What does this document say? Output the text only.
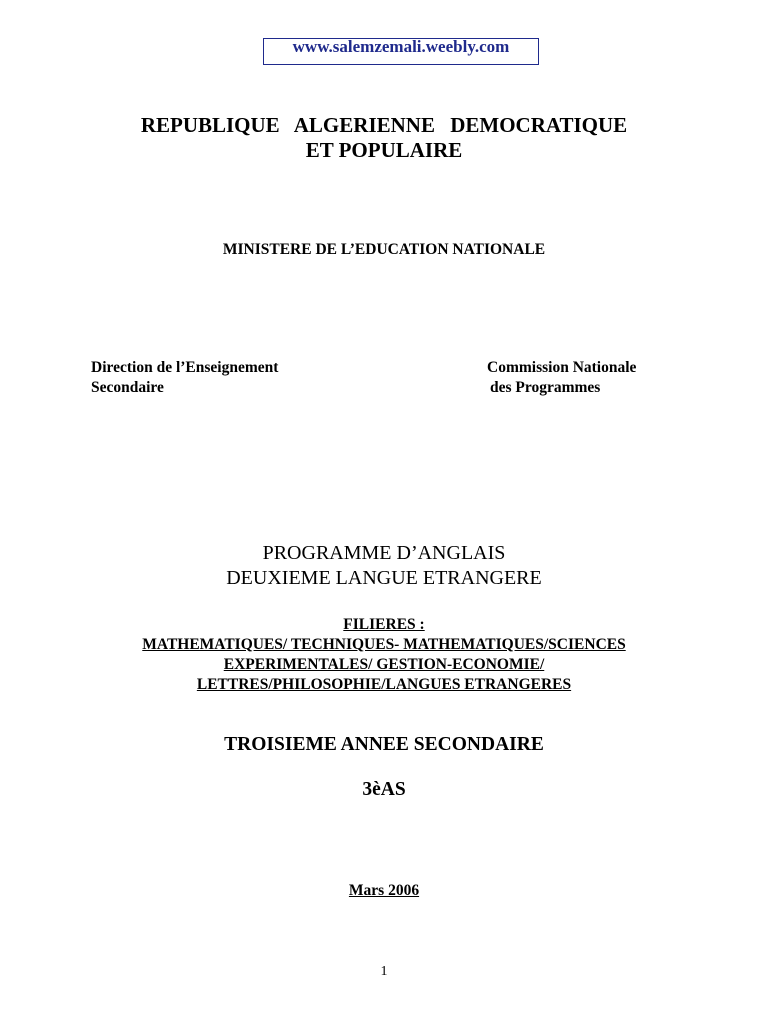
www.salemzemali.weebly.com

REPUBLIQUE ALGERIENNE DEMOCRATIQUE

ET POPULAIRE

MINISTERE DE L’EDUCATION NATIONALE

Direction de l’Enseignement

Secondaire

Commission Nationale

des Programmes

PROGRAMME D’ANGLAIS

DEUXIEME LANGUE ETRANGERE

FILIERES :

MATHEMATIQUES/ TECHNIQUES- MATHEMATIQUES/SCIENCES

EXPERIMENTALES/ GESTION-ECONOMIE/

LETTRES/PHILOSOPHIE/LANGUES ETRANGERES

TROISIEME ANNEE SECONDAIRE

3èAS

Mars 2006

1
